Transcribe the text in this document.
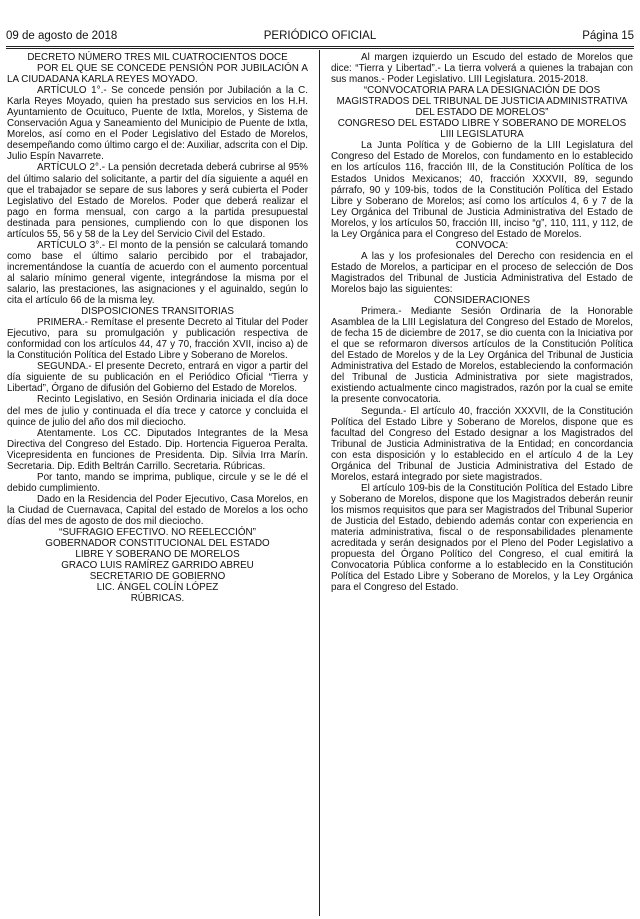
09 de agosto de 2018	PERIÓDICO OFICIAL	Página 15

DECRETO NÚMERO TRES MIL CUATROCIENTOS DOCE

POR EL QUE SE CONCEDE PENSIÓN POR JUBILACIÓN A LA CIUDADANA KARLA REYES MOYADO.

ARTÍCULO 1°.- Se concede pensión por Jubilación a la C. Karla Reyes Moyado, quien ha prestado sus servicios en los H.H. Ayuntamiento de Ocuituco, Puente de Ixtla, Morelos, y Sistema de Conservación Agua y Saneamiento del Municipio de Puente de Ixtla, Morelos, así como en el Poder Legislativo del Estado de Morelos, desempeñando como último cargo el de: Auxiliar, adscrita con el Dip. Julio Espín Navarrete.

ARTÍCULO 2°.- La pensión decretada deberá cubrirse al 95% del último salario del solicitante, a partir del día siguiente a aquél en que el trabajador se separe de sus labores y será cubierta el Poder Legislativo del Estado de Morelos. Poder que deberá realizar el pago en forma mensual, con cargo a la partida presupuestal destinada para pensiones, cumpliendo con lo que disponen los artículos 55, 56 y 58 de la Ley del Servicio Civil del Estado.

ARTÍCULO 3°.- El monto de la pensión se calculará tomando como base el último salario percibido por el trabajador, incrementándose la cuantía de acuerdo con el aumento porcentual al salario mínimo general vigente, integrándose la misma por el salario, las prestaciones, las asignaciones y el aguinaldo, según lo cita el artículo 66 de la misma ley.

DISPOSICIONES TRANSITORIAS

PRIMERA.- Remítase el presente Decreto al Titular del Poder Ejecutivo, para su promulgación y publicación respectiva de conformidad con los artículos 44, 47 y 70, fracción XVII, inciso a) de la Constitución Política del Estado Libre y Soberano de Morelos.

SEGUNDA.- El presente Decreto, entrará en vigor a partir del día siguiente de su publicación en el Periódico Oficial “Tierra y Libertad”, Órgano de difusión del Gobierno del Estado de Morelos.

Recinto Legislativo, en Sesión Ordinaria iniciada el día doce del mes de julio y continuada el día trece y catorce y concluida el quince de julio del año dos mil dieciocho.

Atentamente. Los CC. Diputados Integrantes de la Mesa Directiva del Congreso del Estado. Dip. Hortencia Figueroa Peralta. Vicepresidenta en funciones de Presidenta. Dip. Silvia Irra Marín. Secretaria. Dip. Edith Beltrán Carrillo. Secretaria. Rúbricas.

Por tanto, mando se imprima, publique, circule y se le dé el debido cumplimiento.

Dado en la Residencia del Poder Ejecutivo, Casa Morelos, en la Ciudad de Cuernavaca, Capital del estado de Morelos a los ocho días del mes de agosto de dos mil dieciocho.

“SUFRAGIO EFECTIVO. NO REELECCIÓN”

GOBERNADOR CONSTITUCIONAL DEL ESTADO

LIBRE Y SOBERANO DE MORELOS

GRACO LUIS RAMÍREZ GARRIDO ABREU

SECRETARIO DE GOBIERNO

LIC. ÁNGEL COLÍN LÓPEZ

RÚBRICAS.

Al margen izquierdo un Escudo del estado de Morelos que dice: “Tierra y Libertad”.- La tierra volverá a quienes la trabajan con sus manos.- Poder Legislativo. LIII Legislatura. 2015-2018.

“CONVOCATORIA PARA LA DESIGNACIÓN DE DOS MAGISTRADOS DEL TRIBUNAL DE JUSTICIA ADMINISTRATIVA DEL ESTADO DE MORELOS”

CONGRESO DEL ESTADO LIBRE Y SOBERANO DE MORELOS

LIII LEGISLATURA

La Junta Política y de Gobierno de la LIII Legislatura del Congreso del Estado de Morelos, con fundamento en lo establecido en los artículos 116, fracción III, de la Constitución Política de los Estados Unidos Mexicanos; 40, fracción XXXVII, 89, segundo párrafo, 90 y 109-bis, todos de la Constitución Política del Estado Libre y Soberano de Morelos; así como los artículos 4, 6 y 7 de la Ley Orgánica del Tribunal de Justicia Administrativa del Estado de Morelos, y los artículos 50, fracción III, inciso “g”, 110, 111, y 112, de la Ley Orgánica para el Congreso del Estado de Morelos.

CONVOCA:

A las y los profesionales del Derecho con residencia en el Estado de Morelos, a participar en el proceso de selección de Dos Magistrados del Tribunal de Justicia Administrativa del Estado de Morelos bajo las siguientes:

CONSIDERACIONES

Primera.- Mediante Sesión Ordinaria de la Honorable Asamblea de la LIII Legislatura del Congreso del Estado de Morelos, de fecha 15 de diciembre de 2017, se dio cuenta con la Iniciativa por el que se reformaron diversos artículos de la Constitución Política del Estado de Morelos y de la Ley Orgánica del Tribunal de Justicia Administrativa del Estado de Morelos, estableciendo la conformación del Tribunal de Justicia Administrativa por siete magistrados, existiendo actualmente cinco magistrados, razón por la cual se emite la presente convocatoria.

Segunda.- El artículo 40, fracción XXXVII, de la Constitución Política del Estado Libre y Soberano de Morelos, dispone que es facultad del Congreso del Estado designar a los Magistrados del Tribunal de Justicia Administrativa de la Entidad; en concordancia con esta disposición y lo establecido en el artículo 4 de la Ley Orgánica del Tribunal de Justicia Administrativa del Estado de Morelos, estará integrado por siete magistrados.

El artículo 109-bis de la Constitución Política del Estado Libre y Soberano de Morelos, dispone que los Magistrados deberán reunir los mismos requisitos que para ser Magistrados del Tribunal Superior de Justicia del Estado, debiendo además contar con experiencia en materia administrativa, fiscal o de responsabilidades plenamente acreditada y serán designados por el Pleno del Poder Legislativo a propuesta del Órgano Político del Congreso, el cual emitirá la Convocatoria Pública conforme a lo establecido en la Constitución Política del Estado Libre y Soberano de Morelos, y la Ley Orgánica para el Congreso del Estado.
